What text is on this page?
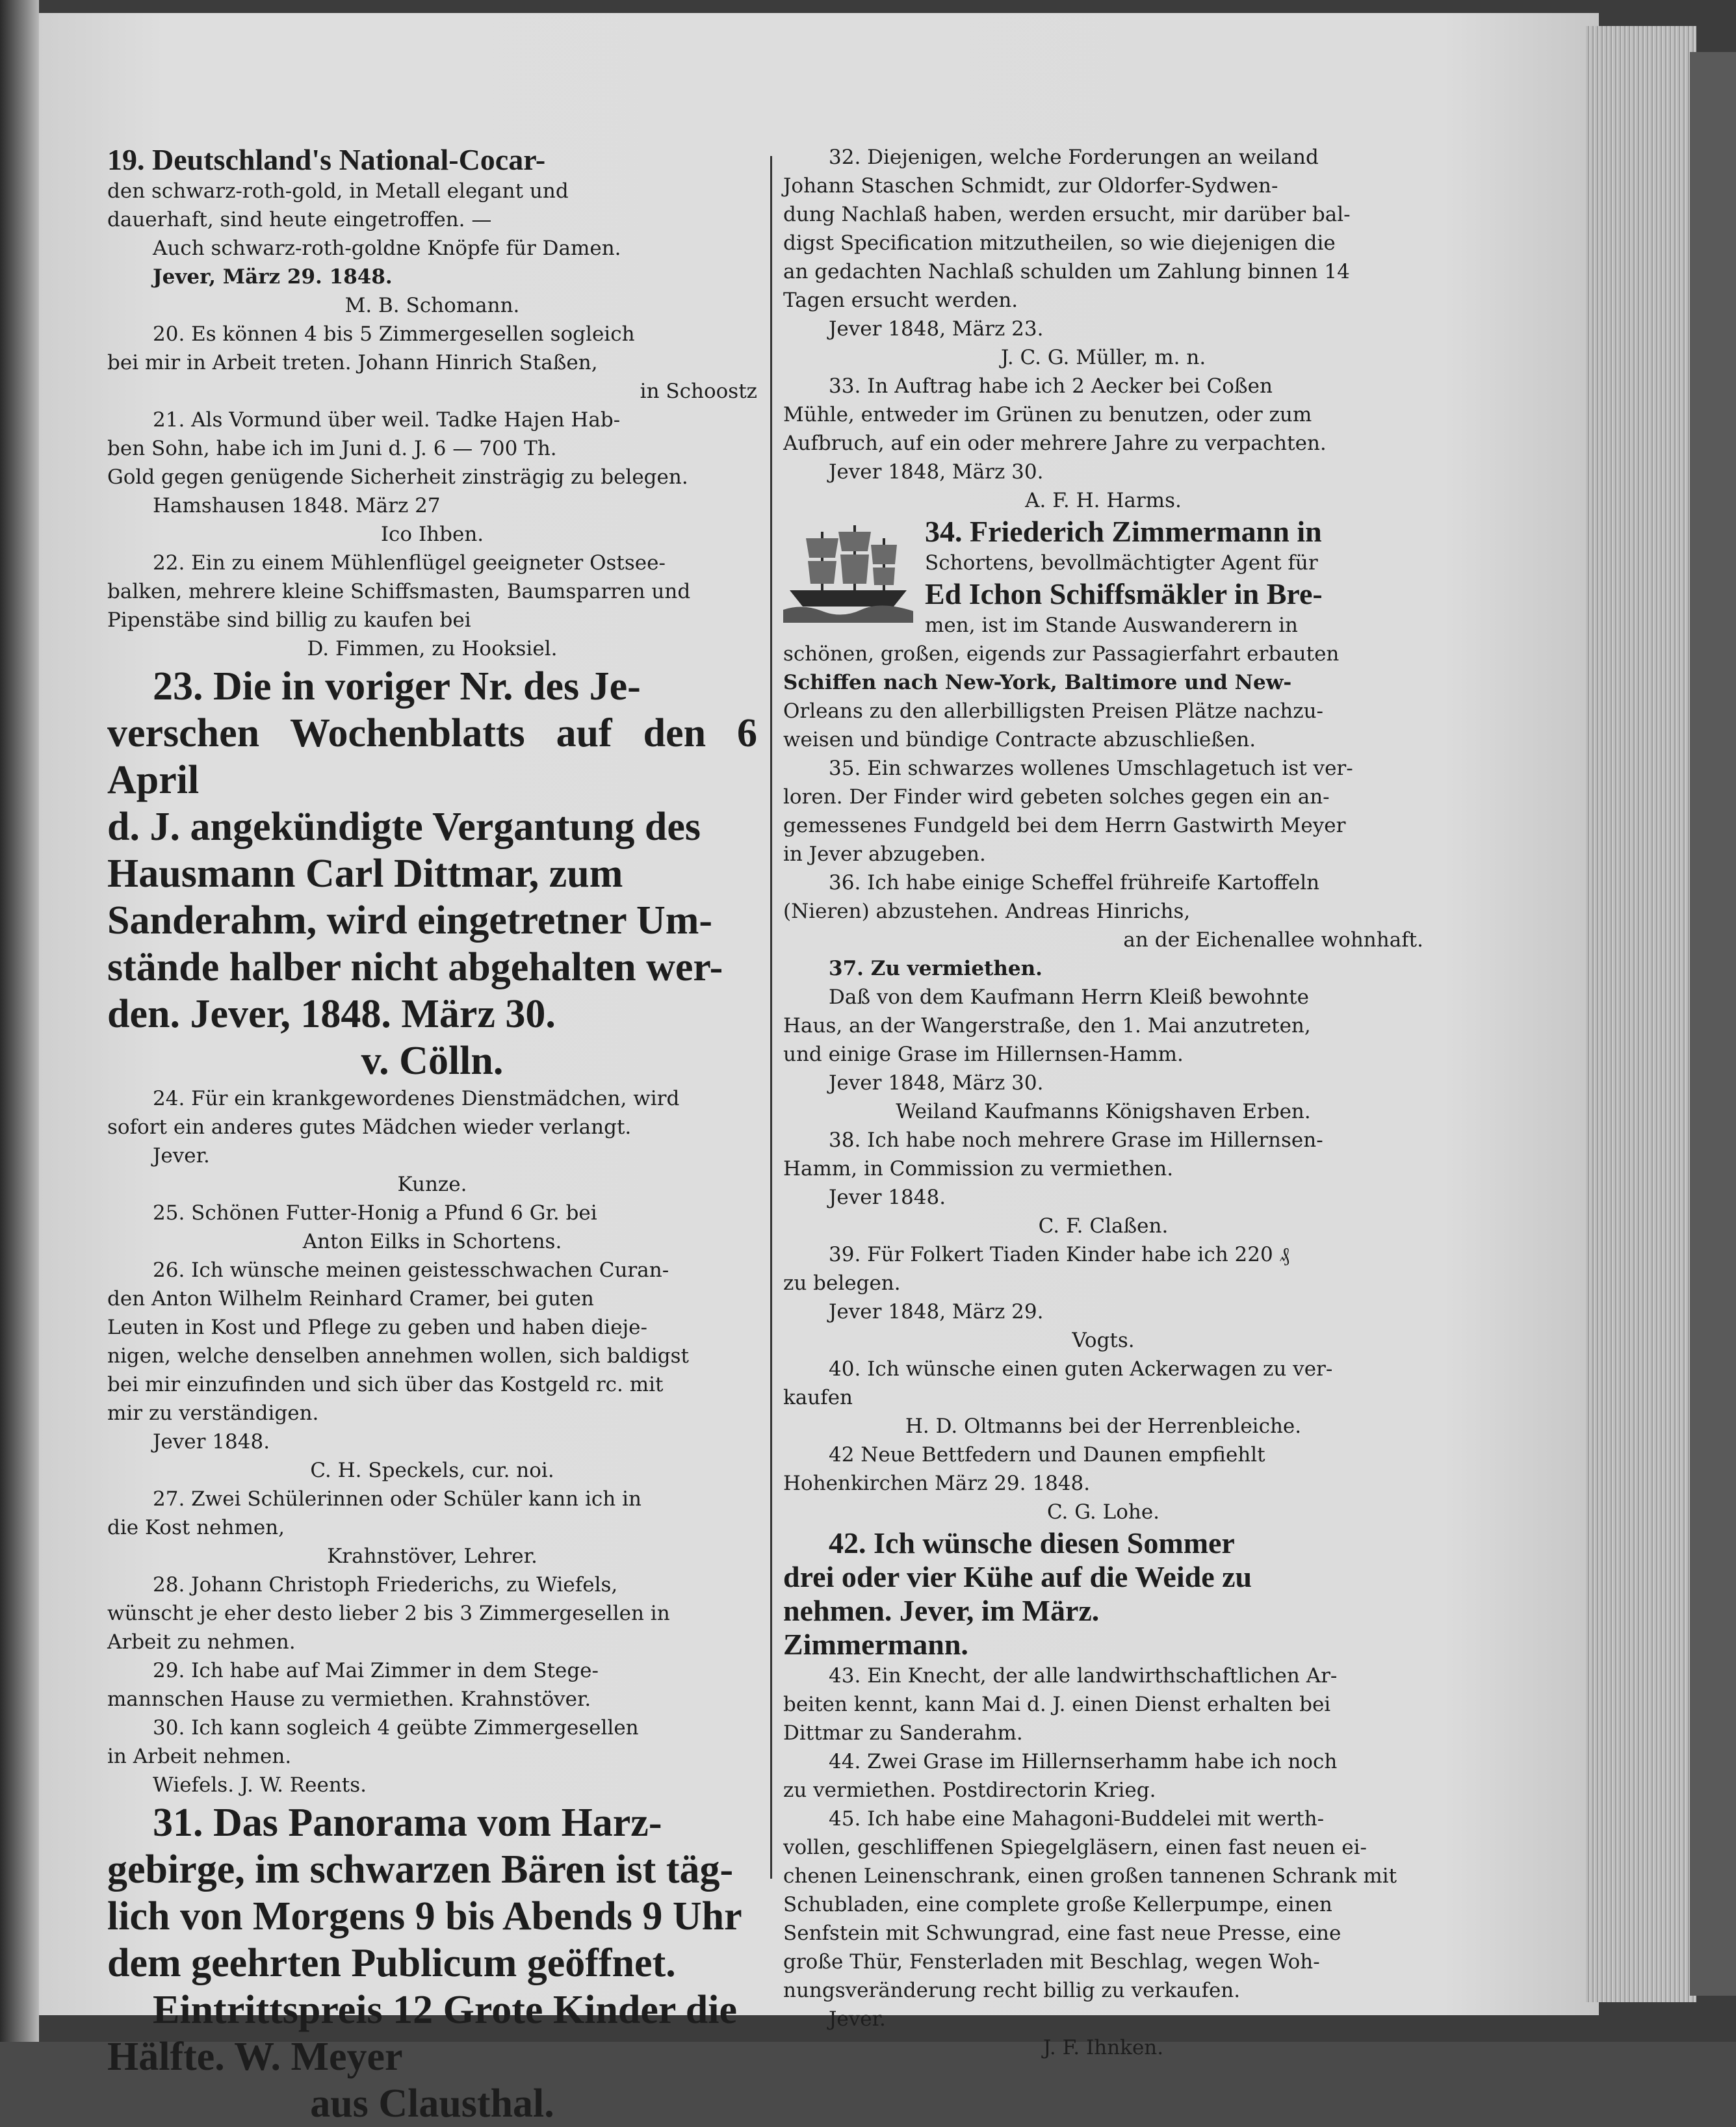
19. Deutschland's National-Cocar-

den schwarz-roth-gold, in Metall elegant und

dauerhaft, sind heute eingetroffen. —

Auch schwarz-roth-goldne Knöpfe für Damen.

Jever, März 29. 1848.

M. B. Schomann.

20. Es können 4 bis 5 Zimmergesellen sogleich

bei mir in Arbeit treten. Johann Hinrich Staßen,

in Schoostz

21. Als Vormund über weil. Tadke Hajen Hab-

ben Sohn, habe ich im Juni d. J. 6 — 700 Th.

Gold gegen genügende Sicherheit zinsträgig zu belegen.

Hamshausen 1848. März 27

Ico Ihben.

22. Ein zu einem Mühlenflügel geeigneter Ostsee-

balken, mehrere kleine Schiffsmasten, Baumsparren und

Pipenstäbe sind billig zu kaufen bei

D. Fimmen, zu Hooksiel.

23. Die in voriger Nr. des Je-

verschen Wochenblatts auf den 6 April

d. J. angekündigte Vergantung des

Hausmann Carl Dittmar, zum

Sanderahm, wird eingetretner Um-

stände halber nicht abgehalten wer-

den. Jever, 1848. März 30.

v. Cölln.

24. Für ein krankgewordenes Dienstmädchen, wird

sofort ein anderes gutes Mädchen wieder verlangt.

Jever.

Kunze.

25. Schönen Futter-Honig a Pfund 6 Gr. bei

Anton Eilks in Schortens.

26. Ich wünsche meinen geistesschwachen Curan-

den Anton Wilhelm Reinhard Cramer, bei guten

Leuten in Kost und Pflege zu geben und haben dieje-

nigen, welche denselben annehmen wollen, sich baldigst

bei mir einzufinden und sich über das Kostgeld rc. mit

mir zu verständigen.

Jever 1848.

C. H. Speckels, cur. noi.

27. Zwei Schülerinnen oder Schüler kann ich in

die Kost nehmen,

Krahnstöver, Lehrer.

28. Johann Christoph Friederichs, zu Wiefels,

wünscht je eher desto lieber 2 bis 3 Zimmergesellen in

Arbeit zu nehmen.

29. Ich habe auf Mai Zimmer in dem Stege-

mannschen Hause zu vermiethen. Krahnstöver.

30. Ich kann sogleich 4 geübte Zimmergesellen

in Arbeit nehmen.

Wiefels. J. W. Reents.

31. Das Panorama vom Harz-

gebirge, im schwarzen Bären ist täg-

lich von Morgens 9 bis Abends 9 Uhr

dem geehrten Publicum geöffnet.

Eintrittspreis 12 Grote Kinder die

Hälfte. W. Meyer

aus Clausthal.

32. Diejenigen, welche Forderungen an weiland

Johann Staschen Schmidt, zur Oldorfer-Sydwen-

dung Nachlaß haben, werden ersucht, mir darüber bal-

digst Specification mitzutheilen, so wie diejenigen die

an gedachten Nachlaß schulden um Zahlung binnen 14

Tagen ersucht werden.

Jever 1848, März 23.

J. C. G. Müller, m. n.

33. In Auftrag habe ich 2 Aecker bei Coßen

Mühle, entweder im Grünen zu benutzen, oder zum

Aufbruch, auf ein oder mehrere Jahre zu verpachten.

Jever 1848, März 30.

A. F. H. Harms.

34. Friederich Zimmermann in

Schortens, bevollmächtigter Agent für

Ed Ichon Schiffsmäkler in Bre-

men, ist im Stande Auswanderern in

schönen, großen, eigends zur Passagierfahrt erbauten

Schiffen nach New-York, Baltimore und New-

Orleans zu den allerbilligsten Preisen Plätze nachzu-

weisen und bündige Contracte abzuschließen.

35. Ein schwarzes wollenes Umschlagetuch ist ver-

loren. Der Finder wird gebeten solches gegen ein an-

gemessenes Fundgeld bei dem Herrn Gastwirth Meyer

in Jever abzugeben.

36. Ich habe einige Scheffel frühreife Kartoffeln

(Nieren) abzustehen. Andreas Hinrichs,

an der Eichenallee wohnhaft.

37. Zu vermiethen.

Daß von dem Kaufmann Herrn Kleiß bewohnte

Haus, an der Wangerstraße, den 1. Mai anzutreten,

und einige Grase im Hillernsen-Hamm.

Jever 1848, März 30.

Weiland Kaufmanns Königshaven Erben.

38. Ich habe noch mehrere Grase im Hillernsen-

Hamm, in Commission zu vermiethen.

Jever 1848.

C. F. Claßen.

39. Für Folkert Tiaden Kinder habe ich 220 ₰

zu belegen.

Jever 1848, März 29.

Vogts.

40. Ich wünsche einen guten Ackerwagen zu ver-

kaufen

H. D. Oltmanns bei der Herrenbleiche.

42 Neue Bettfedern und Daunen empfiehlt

Hohenkirchen März 29. 1848.

C. G. Lohe.

42. Ich wünsche diesen Sommer

drei oder vier Kühe auf die Weide zu

nehmen. Jever, im März.

Zimmermann.

43. Ein Knecht, der alle landwirthschaftlichen Ar-

beiten kennt, kann Mai d. J. einen Dienst erhalten bei

Dittmar zu Sanderahm.

44. Zwei Grase im Hillernserhamm habe ich noch

zu vermiethen. Postdirectorin Krieg.

45. Ich habe eine Mahagoni-Buddelei mit werth-

vollen, geschliffenen Spiegelgläsern, einen fast neuen ei-

chenen Leinenschrank, einen großen tannenen Schrank mit

Schubladen, eine complete große Kellerpumpe, einen

Senfstein mit Schwungrad, eine fast neue Presse, eine

große Thür, Fensterladen mit Beschlag, wegen Woh-

nungsveränderung recht billig zu verkaufen.

Jever.

J. F. Ihnken.
